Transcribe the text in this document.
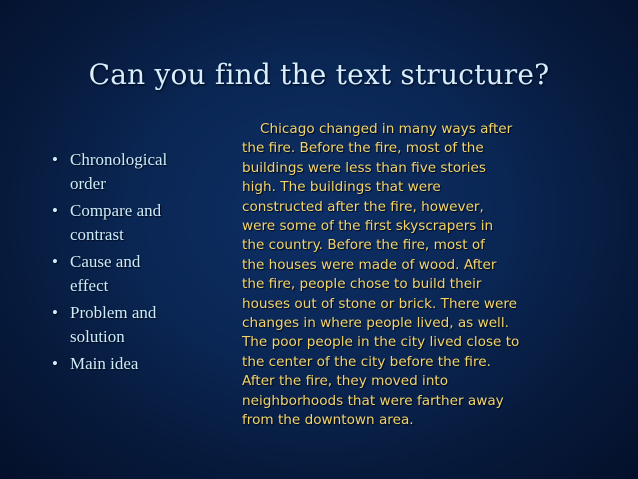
Can you find the text structure?
• Chronological
order
• Compare and
contrast
• Cause and
effect
• Problem and
solution
• Main idea
Chicago changed in many ways after
the fire. Before the fire, most of the
buildings were less than five stories
high. The buildings that were
constructed after the fire, however,
were some of the first skyscrapers in
the country. Before the fire, most of
the houses were made of wood. After
the fire, people chose to build their
houses out of stone or brick. There were
changes in where people lived, as well.
The poor people in the city lived close to
the center of the city before the fire.
After the fire, they moved into
neighborhoods that were farther away
from the downtown area.
